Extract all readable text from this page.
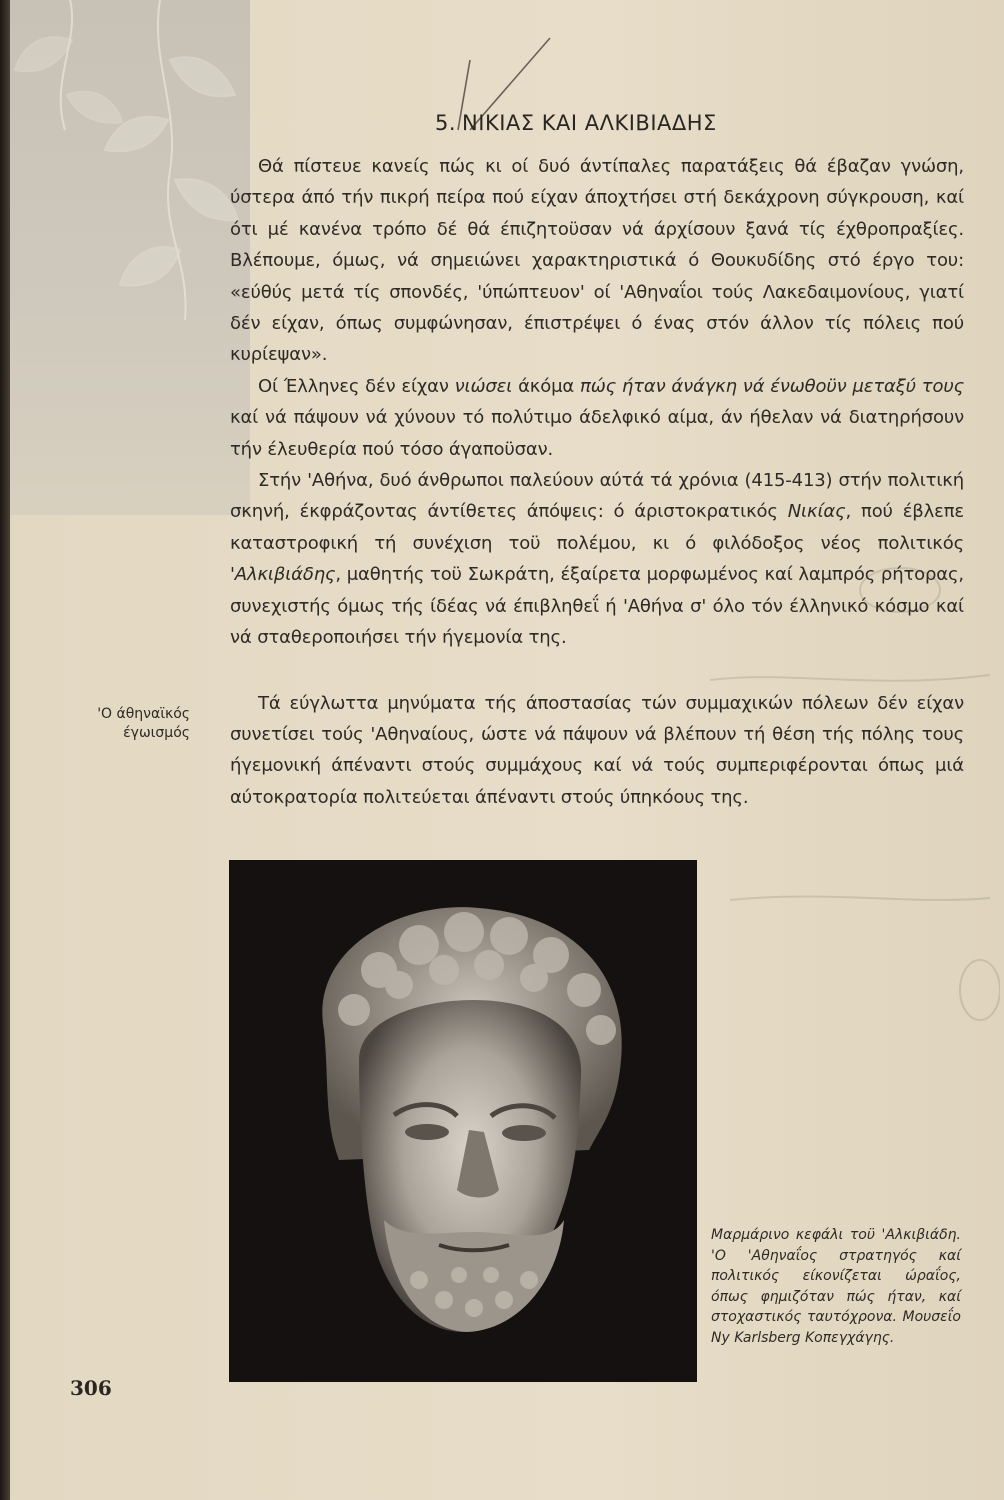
5. ΝΙΚΙΑΣ ΚΑΙ ΑΛΚΙΒΙΑΔΗΣ

Θά πίστευε κανείς πώς κι οί δυό άντίπαλες παρατάξεις θά έβαζαν γνώση, ύστερα άπό τήν πικρή πείρα πού είχαν άποχτήσει στή δεκάχρονη σύγκρουση, καί ότι μέ κανένα τρόπο δέ θά έπιζητοϋσαν νά άρχίσουν ξανά τίς έχθροπραξίες. Βλέπουμε, όμως, νά σημειώνει χαρακτηριστικά ό Θουκυδίδης στό έργο του: «εύθύς μετά τίς σπονδές, 'ύπώπτευον' οί 'Αθηναΐοι τούς Λακεδαιμονίους, γιατί δέν είχαν, όπως συμφώνησαν, έπιστρέψει ό ένας στόν άλλον τίς πόλεις πού κυρίεψαν».

Οί Έλληνες δέν είχαν νιώσει άκόμα πώς ήταν άνάγκη νά ένωθοϋν μεταξύ τους καί νά πάψουν νά χύνουν τό πολύτιμο άδελφικό αίμα, άν ήθελαν νά διατηρήσουν τήν έλευθερία πού τόσο άγαποϋσαν.

Στήν 'Αθήνα, δυό άνθρωποι παλεύουν αύτά τά χρόνια (415-413) στήν πολιτική σκηνή, έκφράζοντας άντίθετες άπόψεις: ό άριστοκρατικός Νικίας, πού έβλεπε καταστροφική τή συνέχιση τοϋ πολέμου, κι ό φιλόδοξος νέος πολιτικός 'Αλκιβιάδης, μαθητής τοϋ Σωκράτη, έξαίρετα μορφωμένος καί λαμπρός ρήτορας, συνεχιστής όμως τής ίδέας νά έπιβληθεΐ ή 'Αθήνα σ' όλο τόν έλληνικό κόσμο καί νά σταθεροποιήσει τήν ήγεμονία της.

Τά εύγλωττα μηνύματα τής άποστασίας τών συμμαχικών πόλεων δέν είχαν συνετίσει τούς 'Αθηναίους, ώστε νά πάψουν νά βλέπουν τή θέση τής πόλης τους ήγεμονική άπέναντι στούς συμμάχους καί νά τούς συμπεριφέρονται όπως μιά αύτοκρατορία πολιτεύεται άπέναντι στούς ύπηκόους της.

'Ο άθηναϊκός
έγωισμός
Μαρμάρινο κεφάλι τοϋ 'Αλκιβιάδη. 'Ο 'Αθηναΐος στρατηγός καί πολιτικός είκονίζεται ώραΐος, όπως φημιζόταν πώς ήταν, καί στοχαστικός ταυτόχρονα. Μουσεΐο Ny Karlsberg Κοπεγχάγης.
306
